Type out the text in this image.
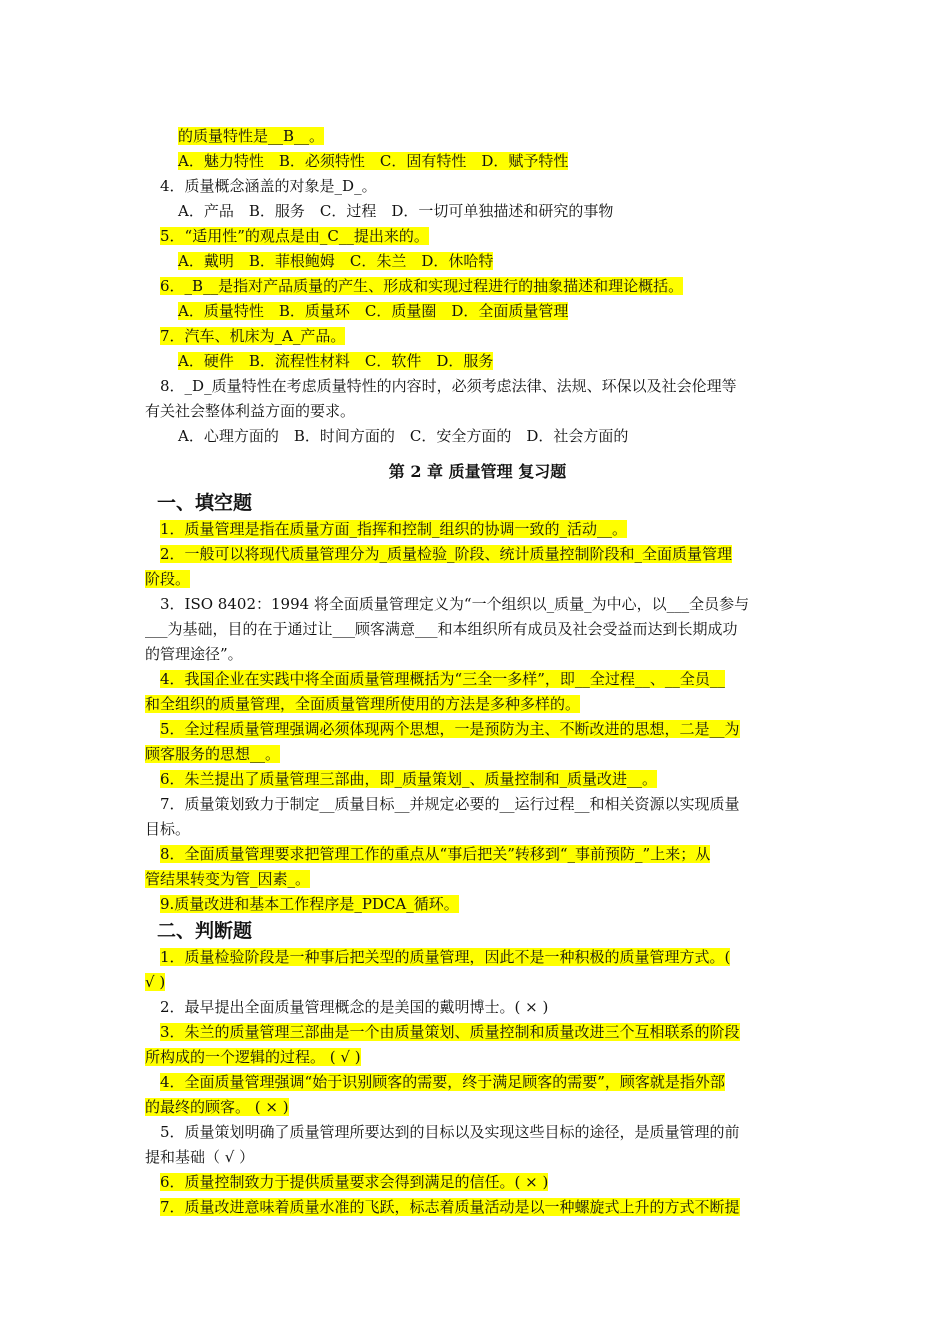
的质量特性是__B__。
A．魅力特性　B．必须特性　C．固有特性　D．赋予特性
4．质量概念涵盖的对象是_D_。
A．产品　B．服务　C．过程　D．一切可单独描述和研究的事物
5．“适用性”的观点是由_C__提出来的。
A．戴明　B．菲根鲍姆　C．朱兰　D．休哈特
6．_B__是指对产品质量的产生、形成和实现过程进行的抽象描述和理论概括。
A．质量特性　B．质量环　C．质量圈　D．全面质量管理
7．汽车、机床为_A_产品。
A．硬件　B．流程性材料　C．软件　D．服务
8．_D_质量特性在考虑质量特性的内容时，必须考虑法律、法规、环保以及社会伦理等
有关社会整体利益方面的要求。
A．心理方面的　B．时间方面的　C．安全方面的　D．社会方面的
第 2 章 质量管理 复习题
一、填空题
1．质量管理是指在质量方面_指挥和控制_组织的协调一致的_活动__。
2．一般可以将现代质量管理分为_质量检验_阶段、统计质量控制阶段和_全面质量管理
阶段。
3．ISO 8402：1994 将全面质量管理定义为“一个组织以_质量_为中心，以___全员参与
___为基础，目的在于通过让___顾客满意___和本组织所有成员及社会受益而达到长期成功
的管理途径”。
4．我国企业在实践中将全面质量管理概括为“三全一多样”，即__全过程__、__全员__
和全组织的质量管理，全面质量管理所使用的方法是多种多样的。
5．全过程质量管理强调必须体现两个思想，一是预防为主、不断改进的思想，二是__为
顾客服务的思想__。
6．朱兰提出了质量管理三部曲，即_质量策划_、质量控制和_质量改进__。
7．质量策划致力于制定__质量目标__并规定必要的__运行过程__和相关资源以实现质量
目标。
8．全面质量管理要求把管理工作的重点从“事后把关”转移到“_事前预防_”上来；从
管结果转变为管_因素_。
9.质量改进和基本工作程序是_PDCA_循环。
二、判断题
1．质量检验阶段是一种事后把关型的质量管理，因此不是一种积极的质量管理方式。(
√ )
2．最早提出全面质量管理概念的是美国的戴明博士。( × )
3．朱兰的质量管理三部曲是一个由质量策划、质量控制和质量改进三个互相联系的阶段
所构成的一个逻辑的过程。 ( √ )
4．全面质量管理强调“始于识别顾客的需要，终于满足顾客的需要”，顾客就是指外部
的最终的顾客。 ( × )
5．质量策划明确了质量管理所要达到的目标以及实现这些目标的途径，是质量管理的前
提和基础（ √ ）
6．质量控制致力于提供质量要求会得到满足的信任。( × )
7．质量改进意味着质量水准的飞跃，标志着质量活动是以一种螺旋式上升的方式不断提
